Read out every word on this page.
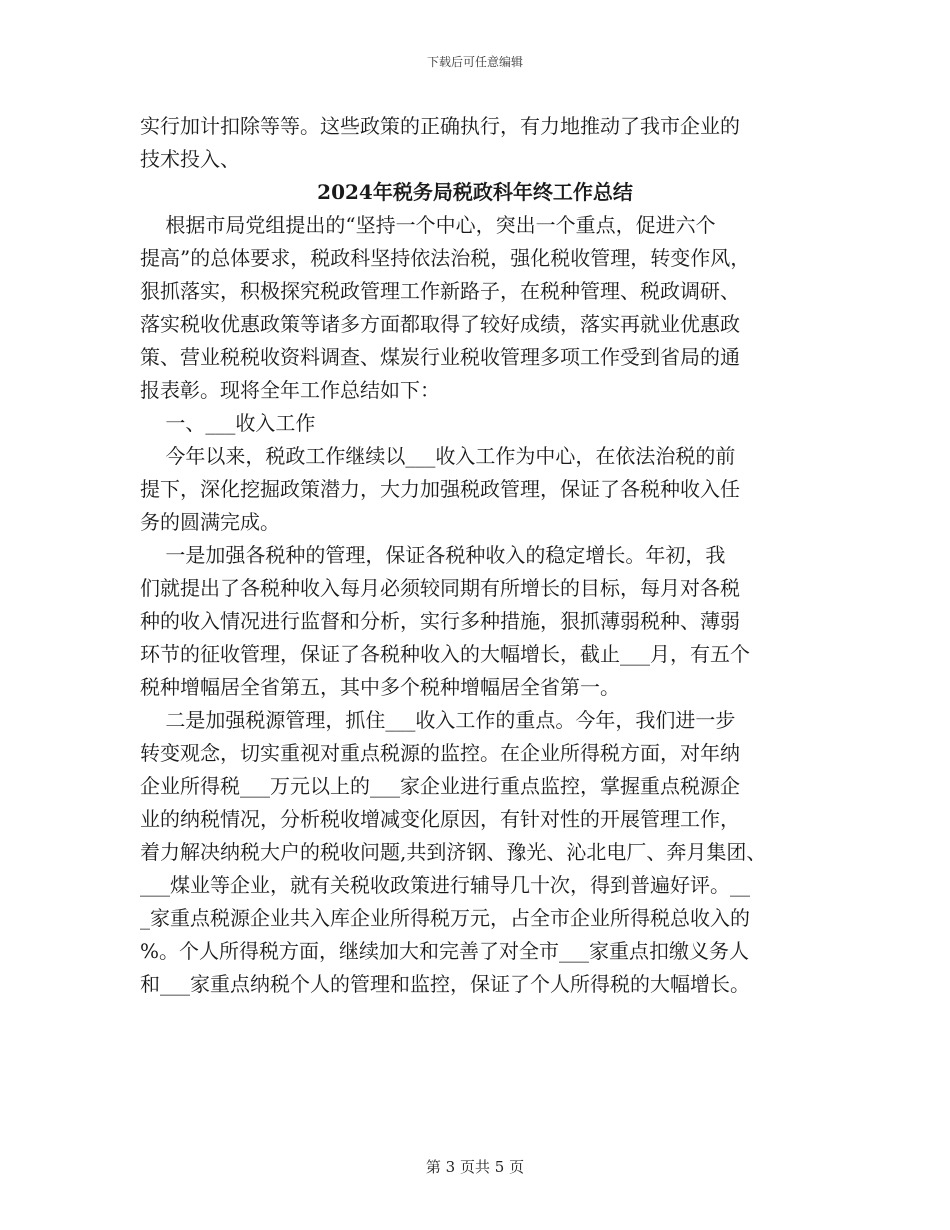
下载后可任意编辑
实行加计扣除等等。这些政策的正确执行，有力地推动了我市企业的
技术投入、
2024年税务局税政科年终工作总结
根据市局党组提出的“坚持一个中心，突出一个重点，促进六个
提高”的总体要求，税政科坚持依法治税，强化税收管理，转变作风，
狠抓落实，积极探究税政管理工作新路子，在税种管理、税政调研、
落实税收优惠政策等诸多方面都取得了较好成绩，落实再就业优惠政
策、营业税税收资料调查、煤炭行业税收管理多项工作受到省局的通
报表彰。现将全年工作总结如下：
一、___收入工作
今年以来，税政工作继续以___收入工作为中心，在依法治税的前
提下，深化挖掘政策潜力，大力加强税政管理，保证了各税种收入任
务的圆满完成。
一是加强各税种的管理，保证各税种收入的稳定增长。年初，我
们就提出了各税种收入每月必须较同期有所增长的目标，每月对各税
种的收入情况进行监督和分析，实行多种措施，狠抓薄弱税种、薄弱
环节的征收管理，保证了各税种收入的大幅增长，截止___月，有五个
税种增幅居全省第五，其中多个税种增幅居全省第一。
二是加强税源管理，抓住___收入工作的重点。今年，我们进一步
转变观念，切实重视对重点税源的监控。在企业所得税方面，对年纳
企业所得税___万元以上的___家企业进行重点监控，掌握重点税源企
业的纳税情况，分析税收增减变化原因，有针对性的开展管理工作，
着力解决纳税大户的税收问题,共到济钢、豫光、沁北电厂、奔月集团、
___煤业等企业，就有关税收政策进行辅导几十次，得到普遍好评。__
_家重点税源企业共入库企业所得税万元，占全市企业所得税总收入的
%。个人所得税方面，继续加大和完善了对全市___家重点扣缴义务人
和___家重点纳税个人的管理和监控，保证了个人所得税的大幅增长。
第 3 页共 5 页
